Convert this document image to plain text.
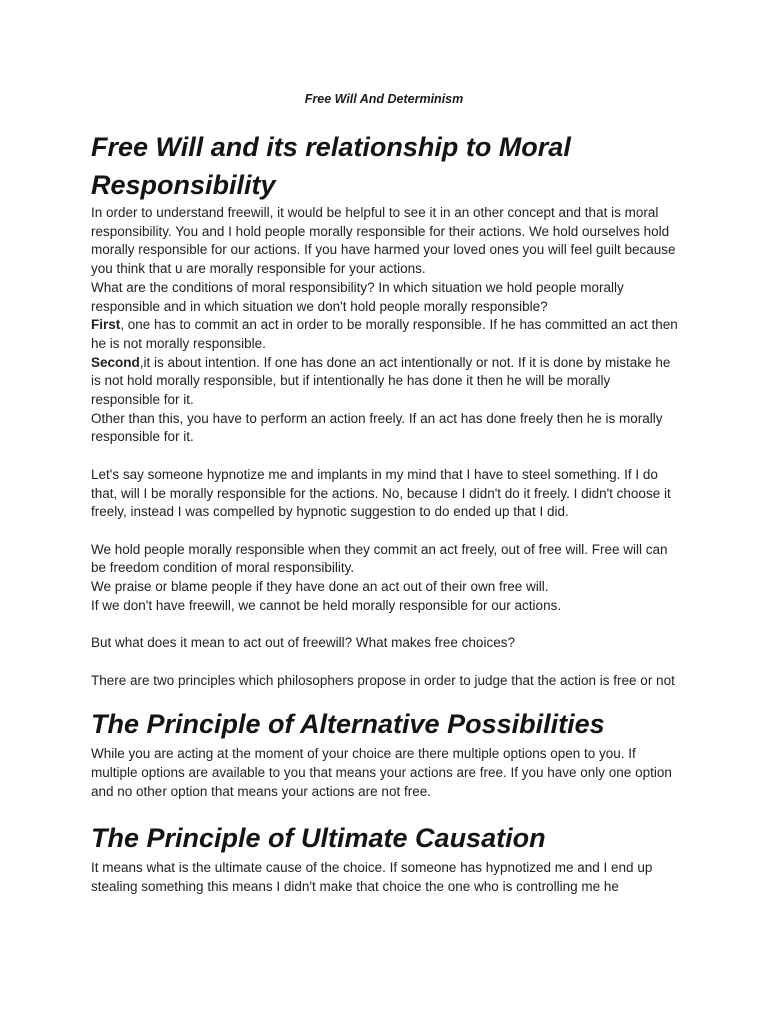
Free Will And Determinism
Free Will and its relationship to Moral Responsibility

In order to understand freewill, it would be helpful to see it in an other concept and that is moral responsibility. You and I hold people morally responsible for their actions. We hold ourselves hold morally responsible for our actions. If you have harmed your loved ones you will feel guilt because you think that u are morally responsible for your actions.

What are the conditions of moral responsibility? In which situation we hold people morally responsible and in which situation we don't hold people morally responsible?

First, one has to commit an act in order to be morally responsible. If he has committed an act then he is not morally responsible.

Second,it is about intention. If one has done an act intentionally or not. If it is done by mistake he is not hold morally responsible, but if intentionally he has done it then he will be morally responsible for it.

Other than this, you have to perform an action freely. If an act has done freely then he is morally responsible for it.

Let's say someone hypnotize me and implants in my mind that I have to steel something. If I do that, will I be morally responsible for the actions. No, because I didn't do it freely. I didn't choose it freely, instead I was compelled by hypnotic suggestion to do ended up that I did.

We hold people morally responsible when they commit an act freely, out of free will. Free will can be freedom condition of moral responsibility.

We praise or blame people if they have done an act out of their own free will.

If we don't have freewill, we cannot be held morally responsible for our actions.

But what does it mean to act out of freewill? What makes free choices?

There are two principles which philosophers propose in order to judge that the action is free or not

The Principle of Alternative Possibilities

While you are acting at the moment of your choice are there multiple options open to you. If multiple options are available to you that means your actions are free. If you have only one option and no other option that means your actions are not free.

The Principle of Ultimate Causation

It means what is the ultimate cause of the choice. If someone has hypnotized me and I end up stealing something this means I didn't make that choice the one who is controlling me he
